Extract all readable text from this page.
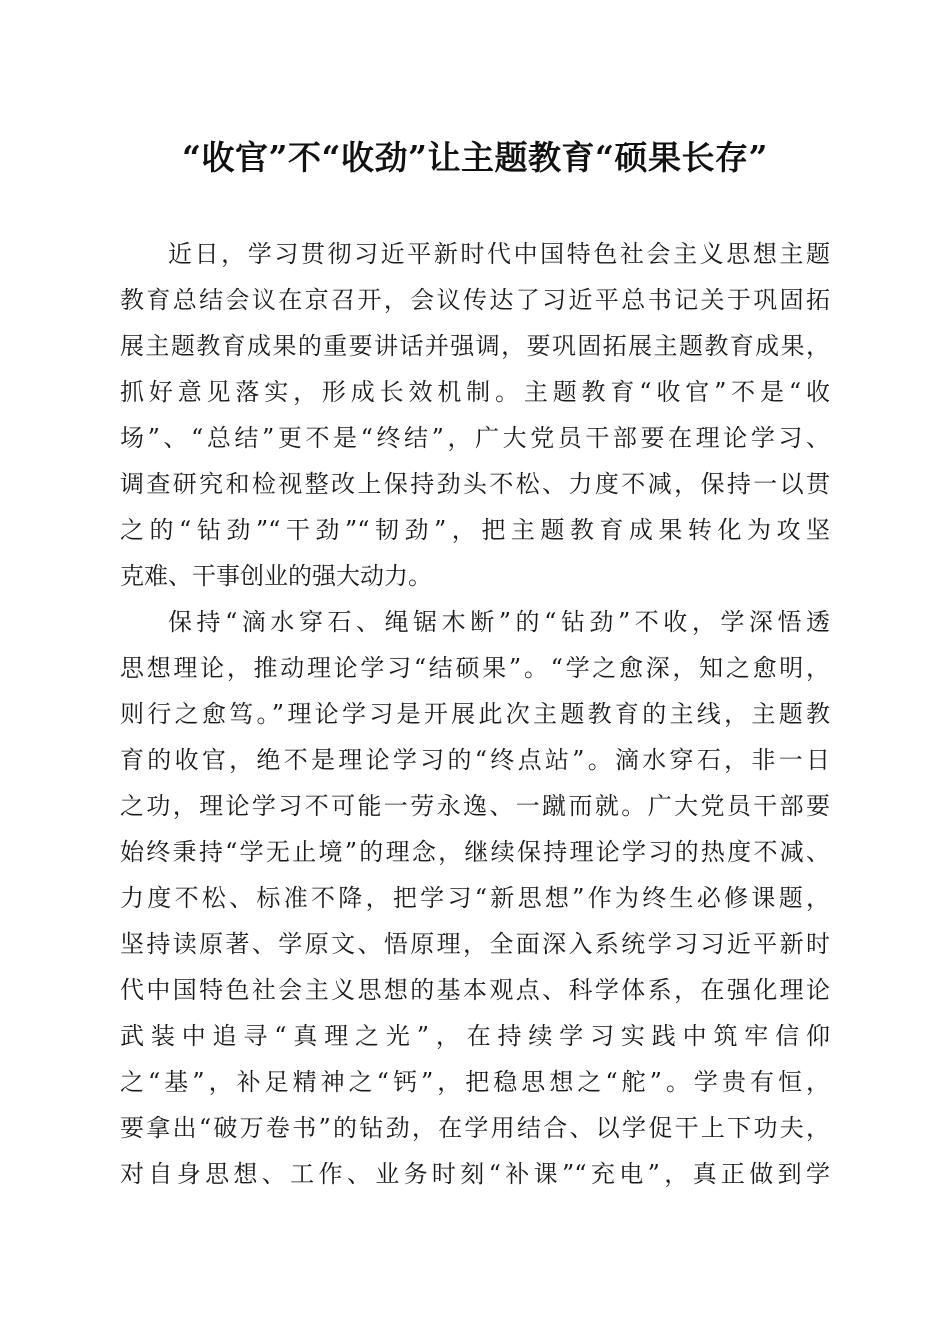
“收官”不“收劲”让主题教育“硕果长存”
近日，学习贯彻习近平新时代中国特色社会主义思想主题
教育总结会议在京召开，会议传达了习近平总书记关于巩固拓
展主题教育成果的重要讲话并强调，要巩固拓展主题教育成果，
抓好意见落实，形成长效机制。主题教育“收官”不是“收
场”、“总结”更不是“终结”，广大党员干部要在理论学习、
调查研究和检视整改上保持劲头不松、力度不减，保持一以贯
之的“钻劲”“干劲”“韧劲”，把主题教育成果转化为攻坚
克难、干事创业的强大动力。
保持“滴水穿石、绳锯木断”的“钻劲”不收，学深悟透
思想理论，推动理论学习“结硕果”。“学之愈深，知之愈明，
则行之愈笃。”理论学习是开展此次主题教育的主线，主题教
育的收官，绝不是理论学习的“终点站”。滴水穿石，非一日
之功，理论学习不可能一劳永逸、一蹴而就。广大党员干部要
始终秉持“学无止境”的理念，继续保持理论学习的热度不减、
力度不松、标准不降，把学习“新思想”作为终生必修课题，
坚持读原著、学原文、悟原理，全面深入系统学习习近平新时
代中国特色社会主义思想的基本观点、科学体系，在强化理论
武装中追寻“真理之光”，在持续学习实践中筑牢信仰
之“基”，补足精神之“钙”，把稳思想之“舵”。学贵有恒，
要拿出“破万卷书”的钻劲，在学用结合、以学促干上下功夫，
对自身思想、工作、业务时刻“补课”“充电”，真正做到学
